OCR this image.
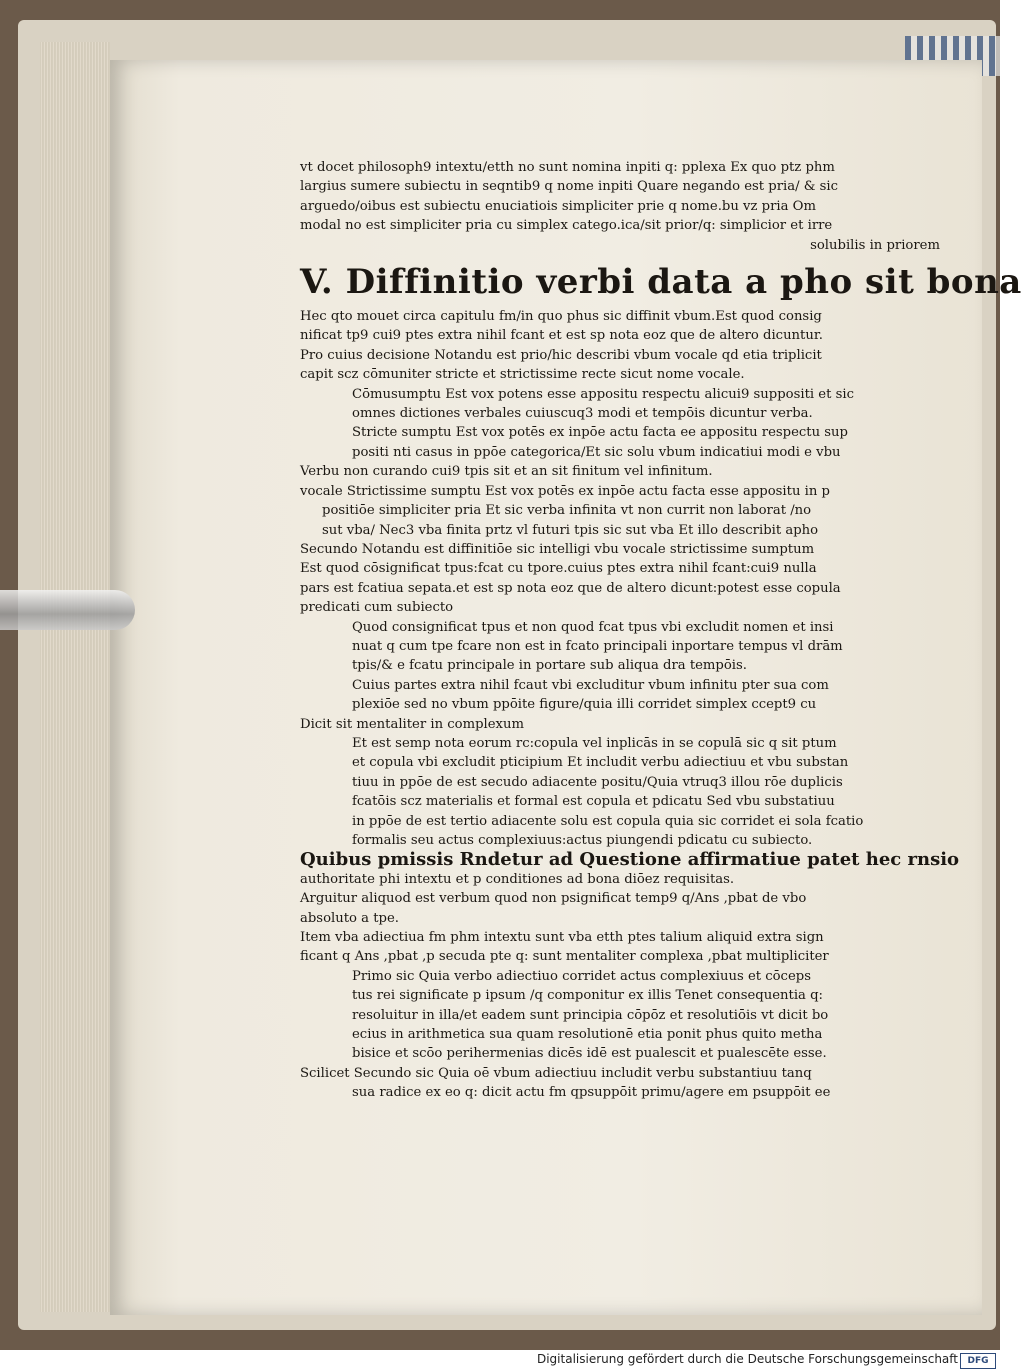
vt docet philosoph9 intextu/etth no sunt nomina inpiti q: pplexa Ex quo ptz phm

largius sumere subiectu in seqntib9 q nome inpiti Quare negando est pria/ & sic

arguedo/oibus est subiectu enuciatiois simpliciter prie q nome.bu vz pria Om

modal no est simpliciter pria cu simplex catego.ica/sit prior/q: simplicior et irre

solubilis in priorem

V. Diffinitio verbi data a pho sit bona

Hec qto mouet circa capitulu fm/in quo phus sic diffinit vbum.Est quod consig

nificat tp9 cui9 ptes extra nihil fcant et est sp nota eoz que de altero dicuntur.

Pro cuius decisione Notandu est prio/hic describi vbum vocale qd etia triplicit

capit scz cōmuniter stricte et strictissime recte sicut nome vocale.

Cōmusumptu Est vox potens esse appositu respectu alicui9 suppositi et sic

omnes dictiones verbales cuiuscuq3 modi et tempōis dicuntur verba.

Stricte sumptu Est vox potēs ex inpōe actu facta ee appositu respectu sup

positi nti casus in ppōe categorica/Et sic solu vbum indicatiui modi e vbu

Verbu non curando cui9 tpis sit et an sit finitum vel infinitum.

vocale Strictissime sumptu Est vox potēs ex inpōe actu facta esse appositu in p

positiōe simpliciter pria Et sic verba infinita vt non currit non laborat /no

sut vba/ Nec3 vba finita prtz vl futuri tpis sic sut vba Et illo describit apho

Secundo Notandu est diffinitiōe sic intelligi vbu vocale strictissime sumptum

Est quod cōsignificat tpus:fcat cu tpore.cuius ptes extra nihil fcant:cui9 nulla

pars est fcatiua sepata.et est sp nota eoz que de altero dicunt:potest esse copula

predicati cum subiecto

Quod consignificat tpus et non quod fcat tpus vbi excludit nomen et insi

nuat q cum tpe fcare non est in fcato principali inportare tempus vl drām

tpis/& e fcatu principale in portare sub aliqua dra tempōis.

Cuius partes extra nihil fcaut vbi excluditur vbum infinitu pter sua com

plexiōe sed no vbum ppōite figure/quia illi corridet simplex ccept9 cu

Dicit sit mentaliter in complexum

Et est semp nota eorum rc:copula vel inplicās in se copulā sic q sit ptum

et copula vbi excludit pticipium Et includit verbu adiectiuu et vbu substan

tiuu in ppōe de est secudo adiacente positu/Quia vtruq3 illou rōe duplicis

fcatōis scz materialis et formal est copula et pdicatu Sed vbu substatiuu

in ppōe de est tertio adiacente solu est copula quia sic corridet ei sola fcatio

formalis seu actus complexiuus:actus piungendi pdicatu cu subiecto.

Quibus pmissis Rndetur ad Questione affirmatiue patet hec rnsio

authoritate phi intextu et p conditiones ad bona diōez requisitas.

Arguitur aliquod est verbum quod non psignificat temp9 q/Ans ,pbat de vbo

absoluto a tpe.

Item vba adiectiua fm phm intextu sunt vba etth ptes talium aliquid extra sign

ficant q Ans ,pbat ,p secuda pte q: sunt mentaliter complexa ,pbat multipliciter

Primo sic Quia verbo adiectiuo corridet actus complexiuus et cōceps

tus rei significate p ipsum /q componitur ex illis Tenet consequentia q:

resoluitur in illa/et eadem sunt principia cōpōz et resolutiōis vt dicit bo

ecius in arithmetica sua quam resolutionē etia ponit phus quito metha

bisice et scōo perihermenias dicēs idē est pualescit et pualescēte esse.

Scilicet Secundo sic Quia oē vbum adiectiuu includit verbu substantiuu tanq

sua radice ex eo q: dicit actu fm qpsuppōit primu/agere em psuppōit ee

Digitalisierung gefördert durch die Deutsche Forschungsgemeinschaft	DFG
